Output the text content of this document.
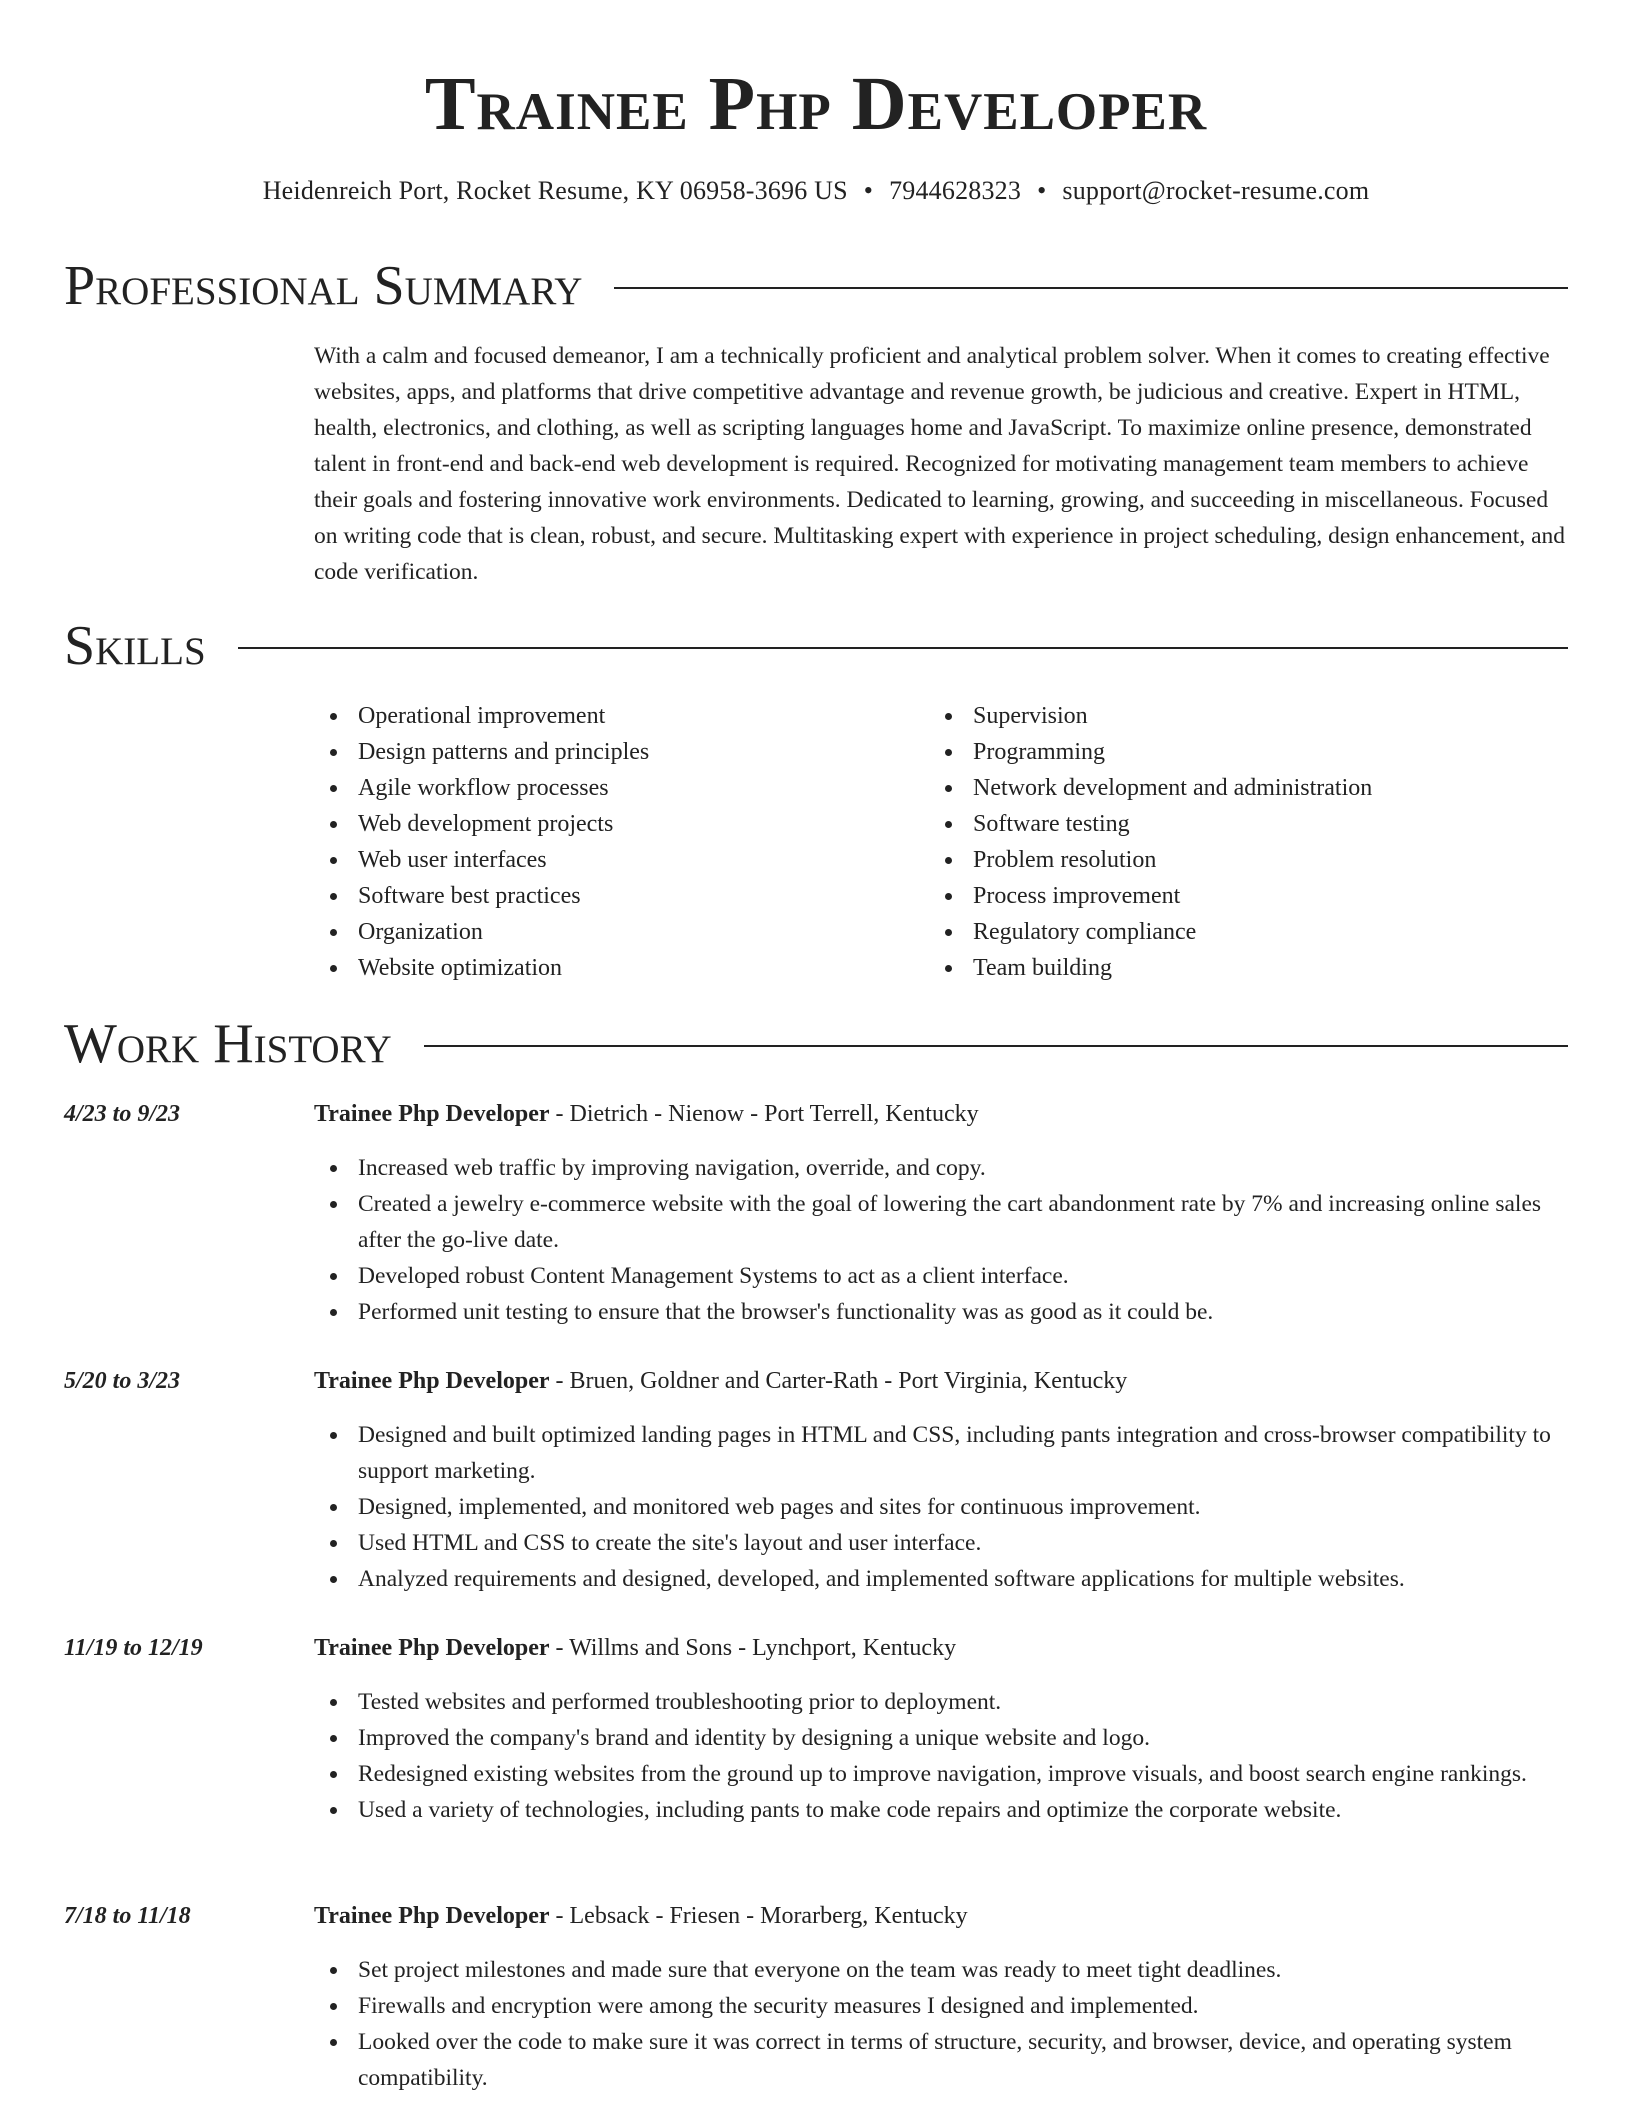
Trainee Php Developer
Heidenreich Port, Rocket Resume, KY 06958-3696 US • 7944628323 • support@rocket-resume.com
Professional Summary

With a calm and focused demeanor, I am a technically proficient and analytical problem solver. When it comes to creating effective websites, apps, and platforms that drive competitive advantage and revenue growth, be judicious and creative. Expert in HTML, health, electronics, and clothing, as well as scripting languages home and JavaScript. To maximize online presence, demonstrated talent in front-end and back-end web development is required. Recognized for motivating management team members to achieve their goals and fostering innovative work environments. Dedicated to learning, growing, and succeeding in miscellaneous. Focused on writing code that is clean, robust, and secure. Multitasking expert with experience in project scheduling, design enhancement, and code verification.

Skills
Operational improvement
Design patterns and principles
Agile workflow processes
Web development projects
Web user interfaces
Software best practices
Organization
Website optimization
Supervision
Programming
Network development and administration
Software testing
Problem resolution
Process improvement
Regulatory compliance
Team building
Work History
4/23 to 9/23	Trainee Php Developer - Dietrich - Nienow - Port Terrell, Kentucky
Increased web traffic by improving navigation, override, and copy.
Created a jewelry e-commerce website with the goal of lowering the cart abandonment rate by 7% and increasing online sales after the go-live date.
Developed robust Content Management Systems to act as a client interface.
Performed unit testing to ensure that the browser's functionality was as good as it could be.
5/20 to 3/23	Trainee Php Developer - Bruen, Goldner and Carter-Rath - Port Virginia, Kentucky
Designed and built optimized landing pages in HTML and CSS, including pants integration and cross-browser compatibility to support marketing.
Designed, implemented, and monitored web pages and sites for continuous improvement.
Used HTML and CSS to create the site's layout and user interface.
Analyzed requirements and designed, developed, and implemented software applications for multiple websites.
11/19 to 12/19	Trainee Php Developer - Willms and Sons - Lynchport, Kentucky
Tested websites and performed troubleshooting prior to deployment.
Improved the company's brand and identity by designing a unique website and logo.
Redesigned existing websites from the ground up to improve navigation, improve visuals, and boost search engine rankings.
Used a variety of technologies, including pants to make code repairs and optimize the corporate website.
7/18 to 11/18	Trainee Php Developer - Lebsack - Friesen - Morarberg, Kentucky
Set project milestones and made sure that everyone on the team was ready to meet tight deadlines.
Firewalls and encryption were among the security measures I designed and implemented.
Looked over the code to make sure it was correct in terms of structure, security, and browser, device, and operating system compatibility.
